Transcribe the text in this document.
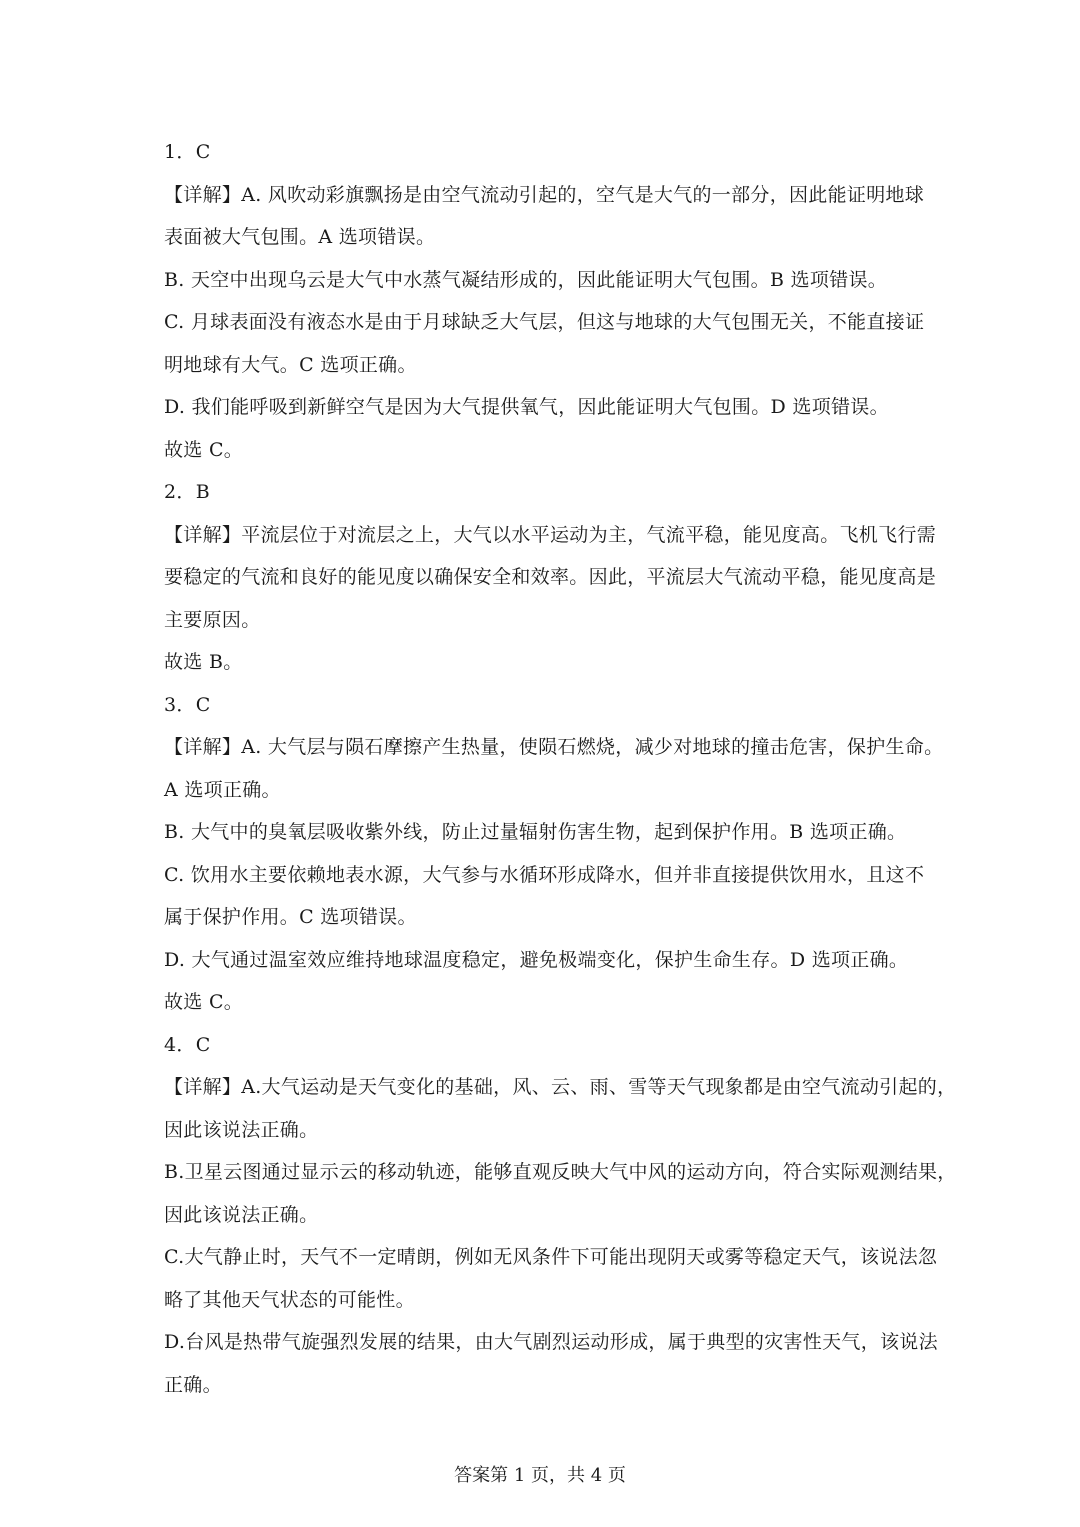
1．C
【详解】A. 风吹动彩旗飘扬是由空气流动引起的，空气是大气的一部分，因此能证明地球
表面被大气包围。A 选项错误。
B. 天空中出现乌云是大气中水蒸气凝结形成的，因此能证明大气包围。B 选项错误。
C. 月球表面没有液态水是由于月球缺乏大气层，但这与地球的大气包围无关，不能直接证
明地球有大气。C 选项正确。
D. 我们能呼吸到新鲜空气是因为大气提供氧气，因此能证明大气包围。D 选项错误。
故选 C。
2．B
【详解】平流层位于对流层之上，大气以水平运动为主，气流平稳，能见度高。飞机飞行需
要稳定的气流和良好的能见度以确保安全和效率。因此，平流层大气流动平稳，能见度高是
主要原因。
故选 B。
3．C
【详解】A. 大气层与陨石摩擦产生热量，使陨石燃烧，减少对地球的撞击危害，保护生命。
A 选项正确。
B. 大气中的臭氧层吸收紫外线，防止过量辐射伤害生物，起到保护作用。B 选项正确。
C. 饮用水主要依赖地表水源，大气参与水循环形成降水，但并非直接提供饮用水，且这不
属于保护作用。C 选项错误。
D. 大气通过温室效应维持地球温度稳定，避免极端变化，保护生命生存。D 选项正确。
故选 C。
4．C
【详解】A.大气运动是天气变化的基础，风、云、雨、雪等天气现象都是由空气流动引起的，
因此该说法正确。
B.卫星云图通过显示云的移动轨迹，能够直观反映大气中风的运动方向，符合实际观测结果，
因此该说法正确。
C.大气静止时，天气不一定晴朗，例如无风条件下可能出现阴天或雾等稳定天气，该说法忽
略了其他天气状态的可能性。
D.台风是热带气旋强烈发展的结果，由大气剧烈运动形成，属于典型的灾害性天气，该说法
正确。
答案第 1 页，共 4 页
